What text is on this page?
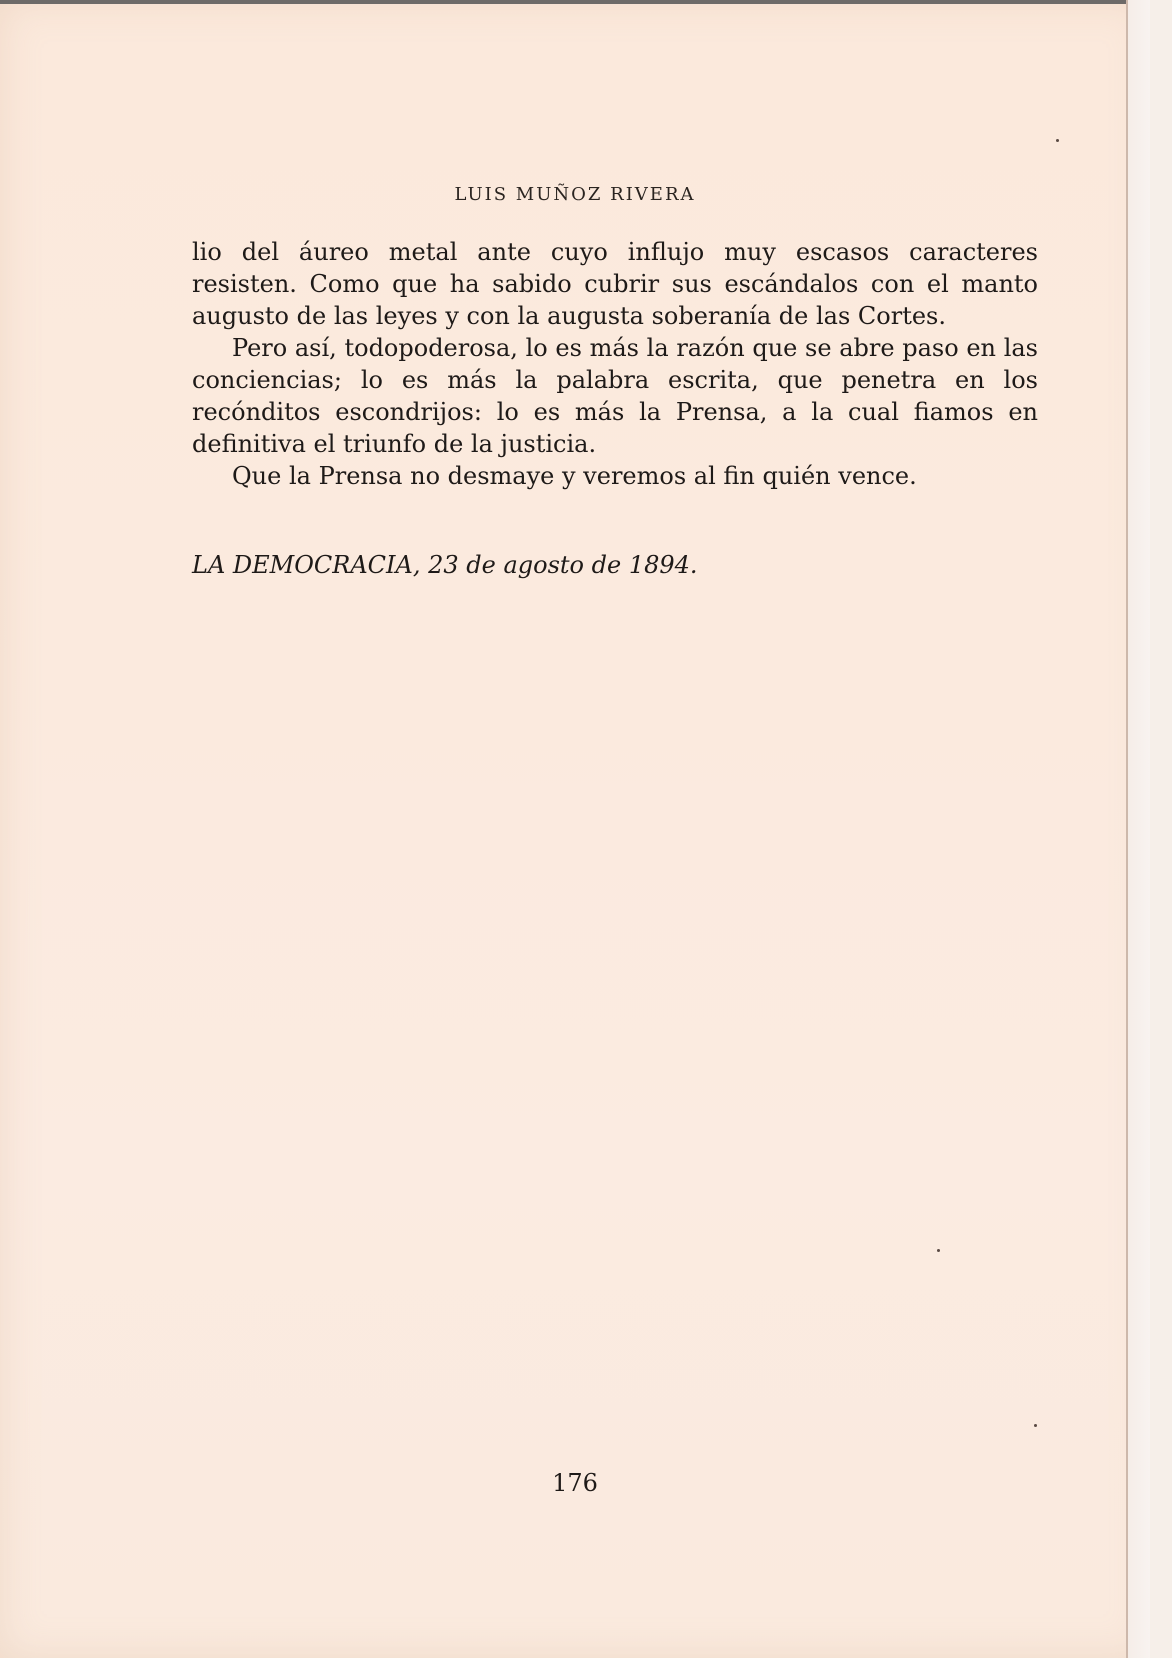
LUIS MUÑOZ RIVERA

lio del áureo metal ante cuyo influjo muy escasos caracteres resisten. Como que ha sabido cubrir sus escándalos con el manto augusto de las leyes y con la augusta soberanía de las Cortes.

Pero así, todopoderosa, lo es más la razón que se abre paso en las conciencias; lo es más la palabra escrita, que penetra en los recónditos escondrijos: lo es más la Prensa, a la cual fiamos en definitiva el triunfo de la justicia.

Que la Prensa no desmaye y veremos al fin quién vence.

LA DEMOCRACIA, 23 de agosto de 1894.
176
